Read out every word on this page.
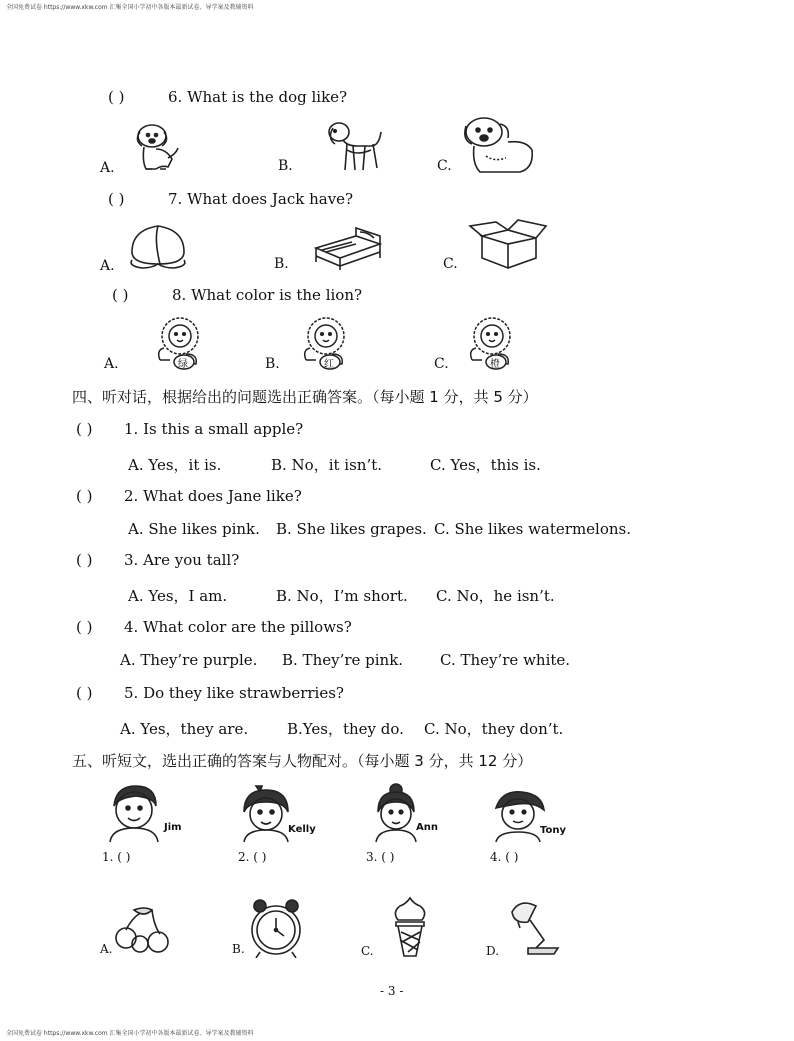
全国免费试卷 https://www.xkw.com 汇集全国小学初中各版本最新试卷、导学案及教辅资料
( )	6. What is the dog like?
A.	B.	C.
( )	7. What does Jack have?
A.	B.	C.
( )	8. What color is the lion?
A.	B.	C.
绿	红	橙
四、听对话，根据给出的问题选出正确答案。（每小题 1 分，共 5 分）
( ) 1. Is this a small apple?
A. Yes，it is.	B. No，it isn’t.	C. Yes，this is.
( ) 2. What does Jane like?
A. She likes pink. B. She likes grapes. C. She likes watermelons.
( ) 3. Are you tall?
A. Yes，I am.	B. No，I’m short. C. No，he isn’t.
( ) 4. What color are the pillows?
A. They’re purple. B. They’re pink. C. They’re white.
( ) 5. Do they like strawberries?
A. Yes，they are.	B.Yes，they do. C. No，they don’t.
五、听短文，选出正确的答案与人物配对。（每小题 3 分，共 12 分）
Jim	Kelly	Ann	Tony
1. ( )	2. ( )	3. ( )	4. ( )
A.	B.	C.	D.
- 3 -
全国免费试卷 https://www.xkw.com 汇集全国小学初中各版本最新试卷、导学案及教辅资料
